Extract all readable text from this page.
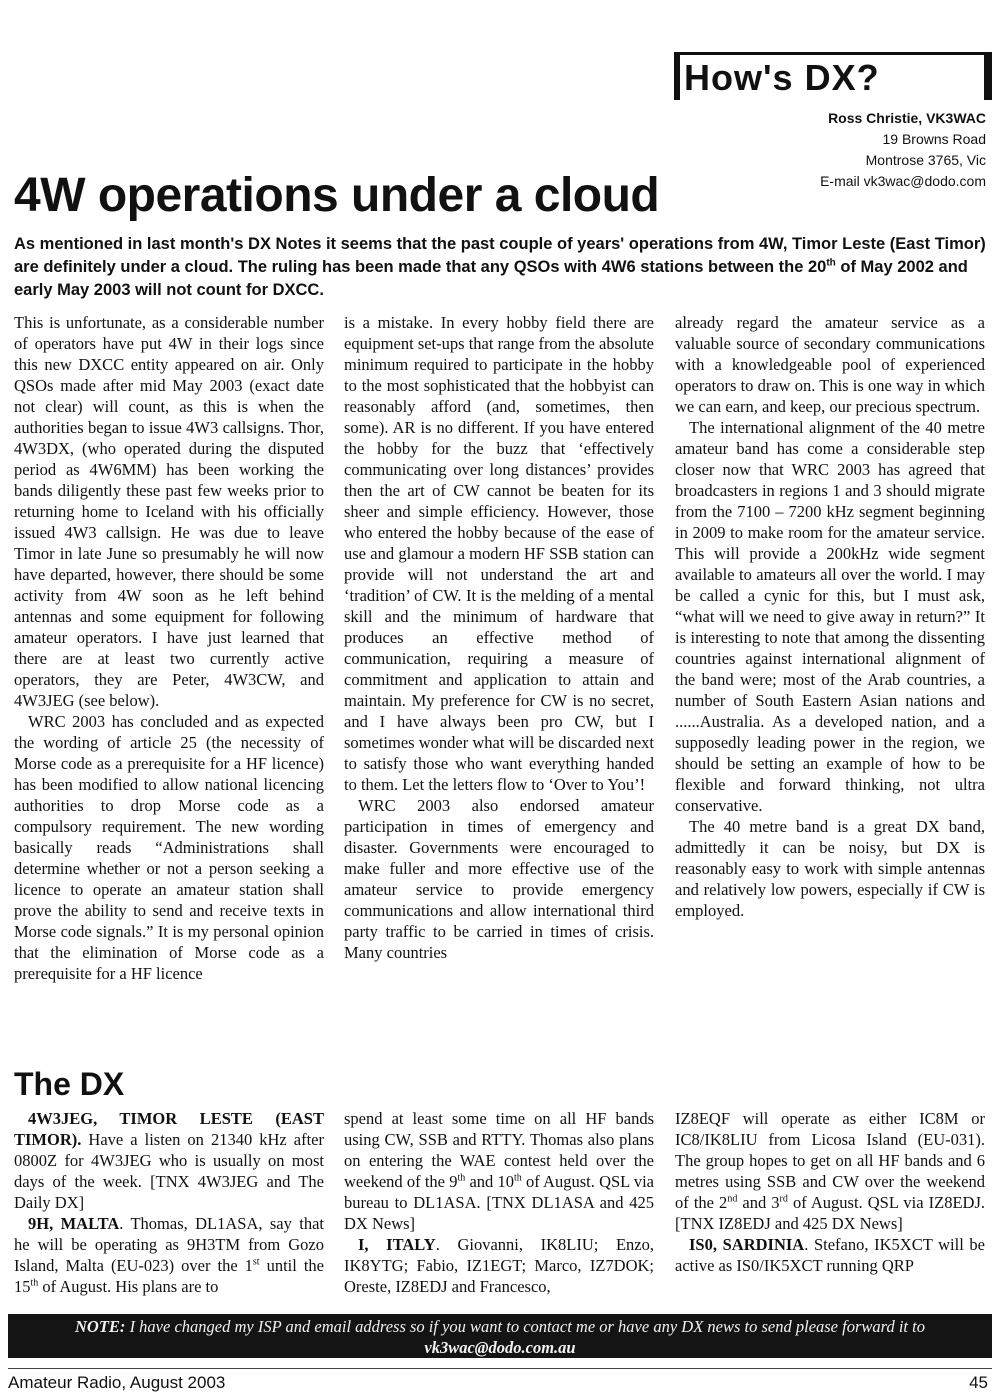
How's DX?
Ross Christie, VK3WAC
19 Browns Road
Montrose 3765, Vic
E-mail vk3wac@dodo.com
4W operations under a cloud
As mentioned in last month's DX Notes it seems that the past couple of years' operations from 4W, Timor Leste (East Timor) are definitely under a cloud. The ruling has been made that any QSOs with 4W6 stations between the 20th of May 2002 and early May 2003 will not count for DXCC.

This is unfortunate, as a considerable number of operators have put 4W in their logs since this new DXCC entity appeared on air. Only QSOs made after mid May 2003 (exact date not clear) will count, as this is when the authorities began to issue 4W3 callsigns. Thor, 4W3DX, (who operated during the disputed period as 4W6MM) has been working the bands diligently these past few weeks prior to returning home to Iceland with his officially issued 4W3 callsign. He was due to leave Timor in late June so presumably he will now have departed, however, there should be some activity from 4W soon as he left behind antennas and some equipment for following amateur operators. I have just learned that there are at least two currently active operators, they are Peter, 4W3CW, and 4W3JEG (see below).

WRC 2003 has concluded and as expected the wording of article 25 (the necessity of Morse code as a prerequisite for a HF licence) has been modified to allow national licencing authorities to drop Morse code as a compulsory requirement. The new wording basically reads “Administrations shall determine whether or not a person seeking a licence to operate an amateur station shall prove the ability to send and receive texts in Morse code signals.” It is my personal opinion that the elimination of Morse code as a prerequisite for a HF licence

is a mistake. In every hobby field there are equipment set-ups that range from the absolute minimum required to participate in the hobby to the most sophisticated that the hobbyist can reasonably afford (and, sometimes, then some). AR is no different. If you have entered the hobby for the buzz that ‘effectively communicating over long distances’ provides then the art of CW cannot be beaten for its sheer and simple efficiency. However, those who entered the hobby because of the ease of use and glamour a modern HF SSB station can provide will not understand the art and ‘tradition’ of CW. It is the melding of a mental skill and the minimum of hardware that produces an effective method of communication, requiring a measure of commitment and application to attain and maintain. My preference for CW is no secret, and I have always been pro CW, but I sometimes wonder what will be discarded next to satisfy those who want everything handed to them. Let the letters flow to ‘Over to You’!

WRC 2003 also endorsed amateur participation in times of emergency and disaster. Governments were encouraged to make fuller and more effective use of the amateur service to provide emergency communications and allow international third party traffic to be carried in times of crisis. Many countries

already regard the amateur service as a valuable source of secondary communications with a knowledgeable pool of experienced operators to draw on. This is one way in which we can earn, and keep, our precious spectrum.

The international alignment of the 40 metre amateur band has come a considerable step closer now that WRC 2003 has agreed that broadcasters in regions 1 and 3 should migrate from the 7100 – 7200 kHz segment beginning in 2009 to make room for the amateur service. This will provide a 200kHz wide segment available to amateurs all over the world. I may be called a cynic for this, but I must ask, “what will we need to give away in return?” It is interesting to note that among the dissenting countries against international alignment of the band were; most of the Arab countries, a number of South Eastern Asian nations and ......Australia. As a developed nation, and a supposedly leading power in the region, we should be setting an example of how to be flexible and forward thinking, not ultra conservative.

The 40 metre band is a great DX band, admittedly it can be noisy, but DX is reasonably easy to work with simple antennas and relatively low powers, especially if CW is employed.

The DX

4W3JEG, TIMOR LESTE (EAST TIMOR). Have a listen on 21340 kHz after 0800Z for 4W3JEG who is usually on most days of the week. [TNX 4W3JEG and The Daily DX]

9H, MALTA. Thomas, DL1ASA, say that he will be operating as 9H3TM from Gozo Island, Malta (EU-023) over the 1st until the 15th of August. His plans are to

spend at least some time on all HF bands using CW, SSB and RTTY. Thomas also plans on entering the WAE contest held over the weekend of the 9th and 10th of August. QSL via bureau to DL1ASA. [TNX DL1ASA and 425 DX News]

I, ITALY. Giovanni, IK8LIU; Enzo, IK8YTG; Fabio, IZ1EGT; Marco, IZ7DOK; Oreste, IZ8EDJ and Francesco,

IZ8EQF will operate as either IC8M or IC8/IK8LIU from Licosa Island (EU-031). The group hopes to get on all HF bands and 6 metres using SSB and CW over the weekend of the 2nd and 3rd of August. QSL via IZ8EDJ. [TNX IZ8EDJ and 425 DX News]

IS0, SARDINIA. Stefano, IK5XCT will be active as IS0/IK5XCT running QRP

NOTE: I have changed my ISP and email address so if you want to contact me or have any DX news to send please forward it to vk3wac@dodo.com.au
Amateur Radio, August 2003	45
